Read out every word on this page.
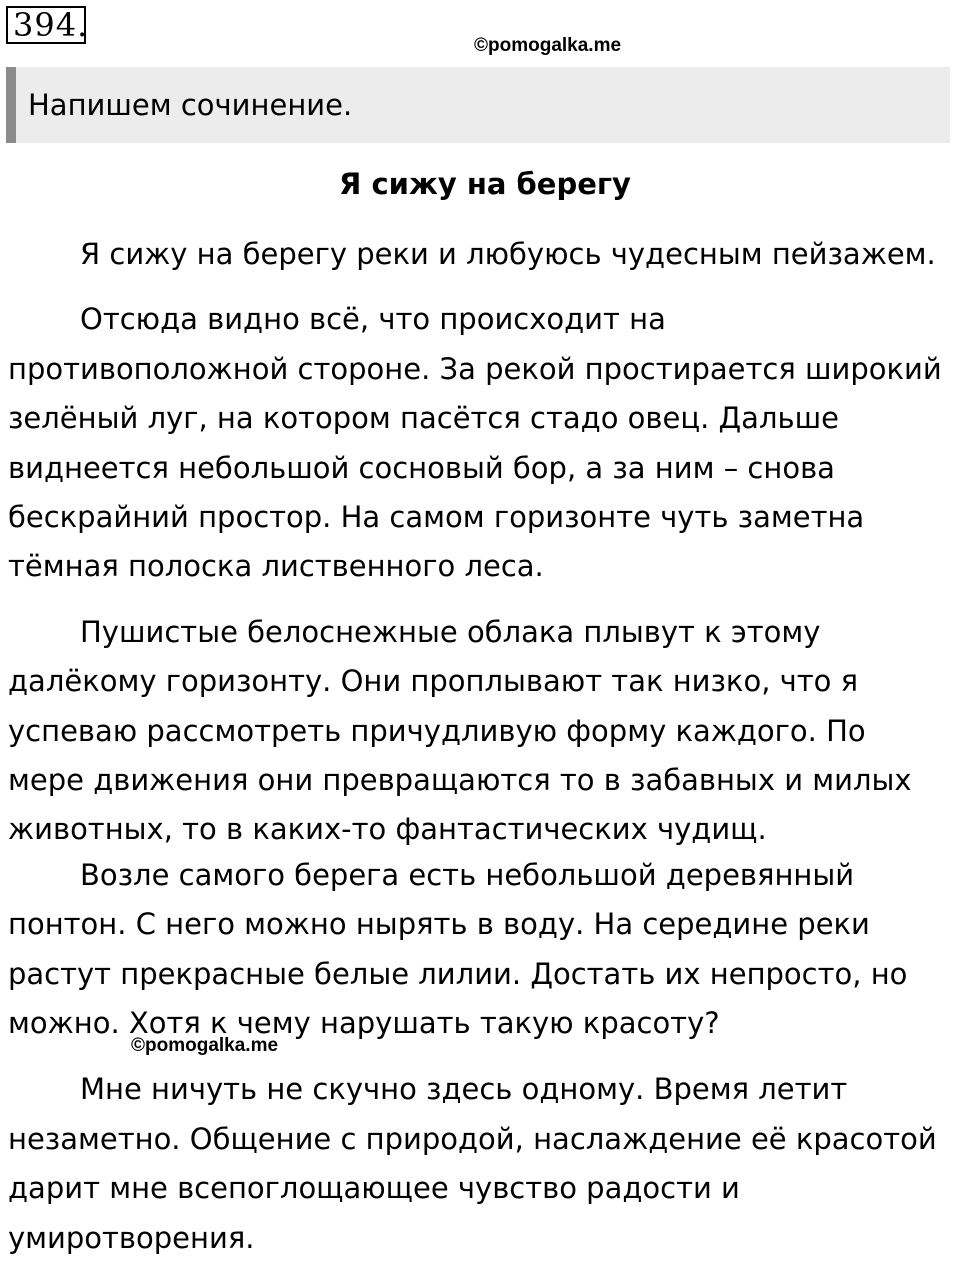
394.
©pomogalka.me
Напишем сочинение.
Я сижу на берегу
Я сижу на берегу реки и любуюсь чудесным пейзажем.
Отсюда видно всё, что происходит на
противоположной стороне. За рекой простирается широкий
зелёный луг, на котором пасётся стадо овец. Дальше
виднеется небольшой сосновый бор, а за ним – снова
бескрайний простор. На самом горизонте чуть заметна
тёмная полоска лиственного леса.
Пушистые белоснежные облака плывут к этому
далёкому горизонту. Они проплывают так низко, что я
успеваю рассмотреть причудливую форму каждого. По
мере движения они превращаются то в забавных и милых
животных, то в каких-то фантастических чудищ.
Возле самого берега есть небольшой деревянный
понтон. С него можно нырять в воду. На середине реки
растут прекрасные белые лилии. Достать их непросто, но
можно. Хотя к чему нарушать такую красоту?
©pomogalka.me
Мне ничуть не скучно здесь одному. Время летит
незаметно. Общение с природой, наслаждение её красотой
дарит мне всепоглощающее чувство радости и
умиротворения.
